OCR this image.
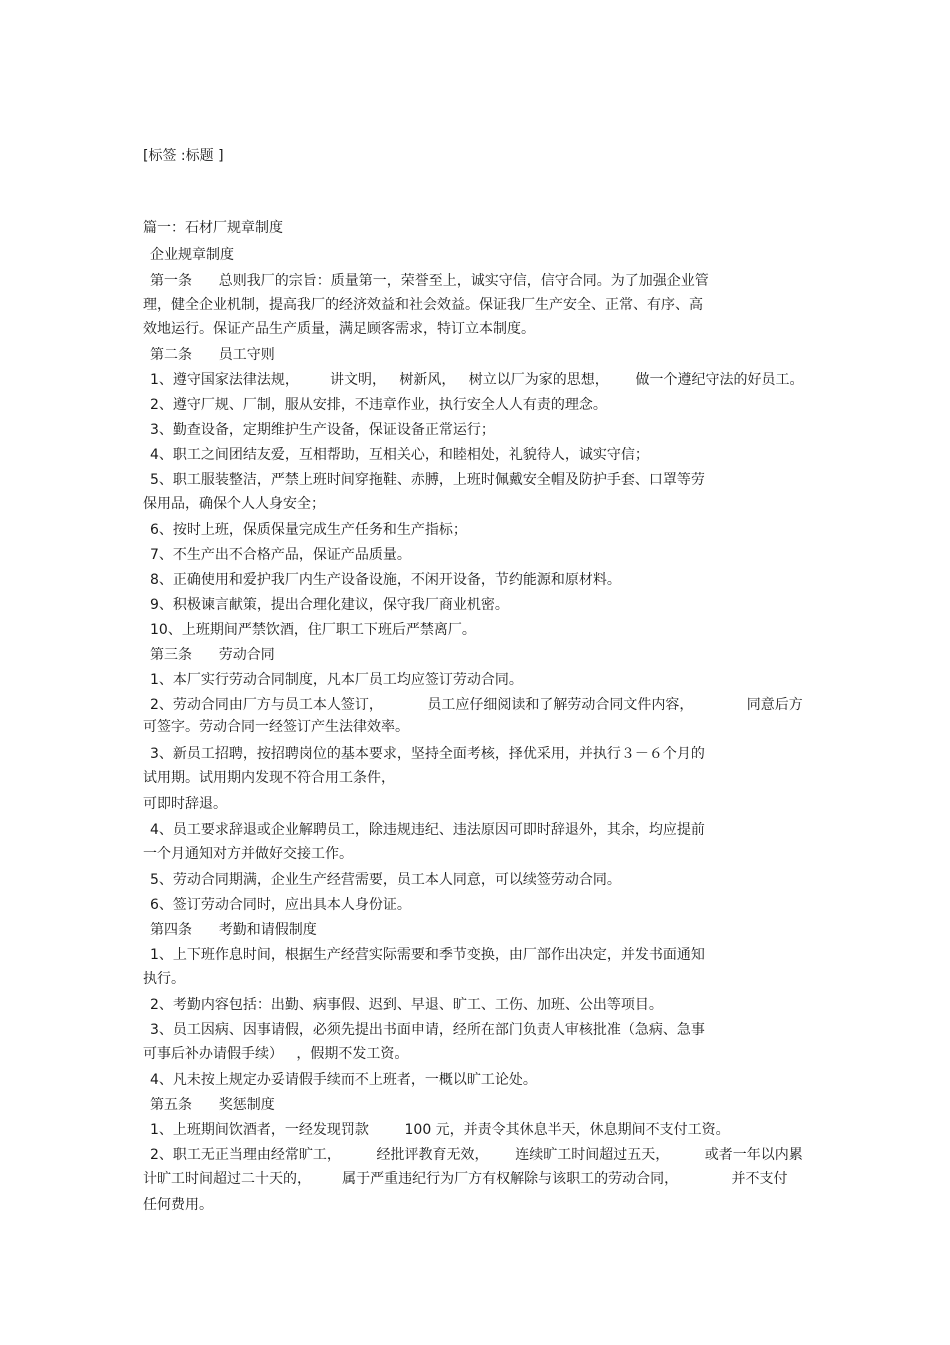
[标签 :标题 ]
篇一：石材厂规章制度
企业规章制度
第一条      总则我厂的宗旨：质量第一，荣誉至上，诚实守信，信守合同。为了加强企业管
理，健全企业机制，提高我厂的经济效益和社会效益。保证我厂生产安全、正常、有序、高
效地运行。保证产品生产质量，满足顾客需求，特订立本制度。
第二条      员工守则
1、遵守国家法律法规，       讲文明，   树新风，   树立以厂为家的思想，      做一个遵纪守法的好员工。
2、遵守厂规、厂制，服从安排，不违章作业，执行安全人人有责的理念。
3、勤查设备，定期维护生产设备，保证设备正常运行；
4、职工之间团结友爱，互相帮助，互相关心，和睦相处，礼貌待人，诚实守信；
5、职工服装整洁，严禁上班时间穿拖鞋、赤膊，上班时佩戴安全帽及防护手套、口罩等劳
保用品，确保个人人身安全；
6、按时上班，保质保量完成生产任务和生产指标；
7、不生产出不合格产品，保证产品质量。
8、正确使用和爱护我厂内生产设备设施，不闲开设备，节约能源和原材料。
9、积极谏言献策，提出合理化建议，保守我厂商业机密。
10、上班期间严禁饮酒，住厂职工下班后严禁离厂。
第三条      劳动合同
1、本厂实行劳动合同制度，凡本厂员工均应签订劳动合同。
2、劳动合同由厂方与员工本人签订，          员工应仔细阅读和了解劳动合同文件内容，            同意后方
可签字。劳动合同一经签订产生法律效率。
3、新员工招聘，按招聘岗位的基本要求，坚持全面考核，择优采用，并执行３－６个月的
试用期。试用期内发现不符合用工条件，
可即时辞退。
4、员工要求辞退或企业解聘员工，除违规违纪、违法原因可即时辞退外，其余，均应提前
一个月通知对方并做好交接工作。
5、劳动合同期满，企业生产经营需要，员工本人同意，可以续签劳动合同。
6、签订劳动合同时，应出具本人身份证。
第四条      考勤和请假制度
1、上下班作息时间，根据生产经营实际需要和季节变换，由厂部作出决定，并发书面通知
执行。
2、考勤内容包括：出勤、病事假、迟到、早退、旷工、工伤、加班、公出等项目。
3、员工因病、因事请假，必须先提出书面申请，经所在部门负责人审核批准（急病、急事
可事后补办请假手续）   ，假期不发工资。
4、凡未按上规定办妥请假手续而不上班者，一概以旷工论处。
第五条      奖惩制度
1、上班期间饮酒者，一经发现罚款        100 元，并责令其休息半天，休息期间不支付工资。
2、职工无正当理由经常旷工，        经批评教育无效，      连续旷工时间超过五天，        或者一年以内累
计旷工时间超过二十天的，       属于严重违纪行为厂方有权解除与该职工的劳动合同，            并不支付
任何费用。
